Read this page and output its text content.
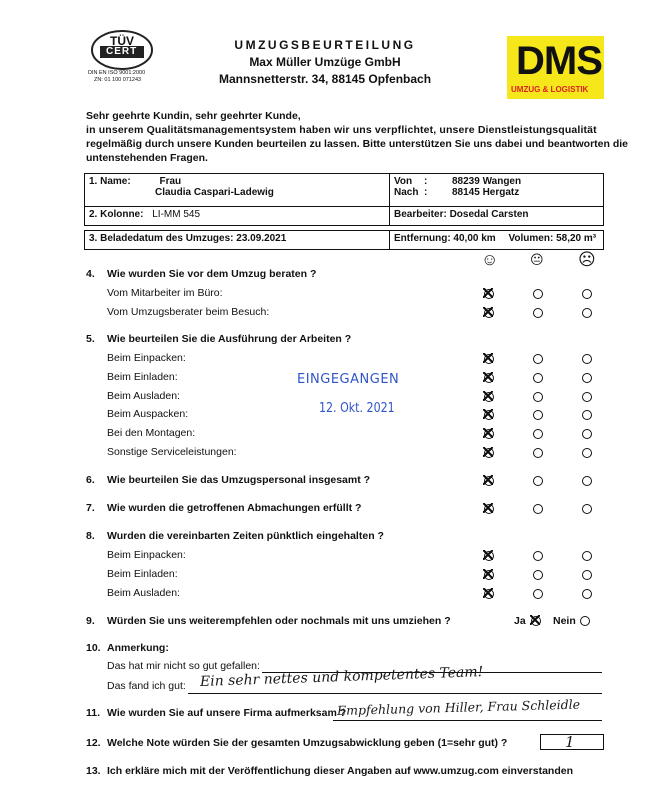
TÜV
CERT
DIN EN ISO 9001:2000
ZN: 01 100 071243
UMZUGSBEURTEILUNG
Max Müller Umzüge GmbH
Mannsnetterstr. 34, 88145 Opfenbach	DMS
UMZUG & LOGISTIK
Sehr geehrte Kundin, sehr geehrter Kunde,
in unserem Qualitätsmanagementsystem haben wir uns verpflichtet, unsere Dienstleistungsqualität
regelmäßig durch unsere Kunden beurteilen zu lassen. Bitte unterstützen Sie uns dabei und beantworten die
untenstehenden Fragen.
1. Name: Frau
Claudia Caspari-Ladewig	Von : 88239 Wangen
Nach : 88145 Hergatz
2. Kolonne: LI-MM 545	Bearbeiter: Dosedal Carsten

3. Beladedatum des Umzuges: 23.09.2021	Entfernung: 40,00 km Volumen: 58,20 m³
☺ 😐 ☹
4. Wie wurden Sie vor dem Umzug beraten ?
Vom Mitarbeiter im Büro:
Vom Umzugsberater beim Besuch:
5. Wie beurteilen Sie die Ausführung der Arbeiten ?
Beim Einpacken:
Beim Einladen:
Beim Ausladen:
Beim Auspacken:
Bei den Montagen:
Sonstige Serviceleistungen:
EINGEGANGEN
12. Okt. 2021
6. Wie beurteilen Sie das Umzugspersonal insgesamt ?
7. Wie wurden die getroffenen Abmachungen erfüllt ?
8. Wurden die vereinbarten Zeiten pünktlich eingehalten ?
Beim Einpacken:
Beim Einladen:
Beim Ausladen:
9. Würden Sie uns weiterempfehlen oder nochmals mit uns umziehen ?	Ja	Nein
10. Anmerkung:
Das hat mir nicht so gut gefallen:
Das fand ich gut: Ein sehr nettes und kompetentes Team!
11. Wie wurden Sie auf unsere Firma aufmerksam ?
Empfehlung von Hiller, Frau Schleidle
12. Welche Note würden Sie der gesamten Umzugsabwicklung geben (1=sehr gut) ?	1
13. Ich erkläre mich mit der Veröffentlichung dieser Angaben auf www.umzug.com einverstanden
